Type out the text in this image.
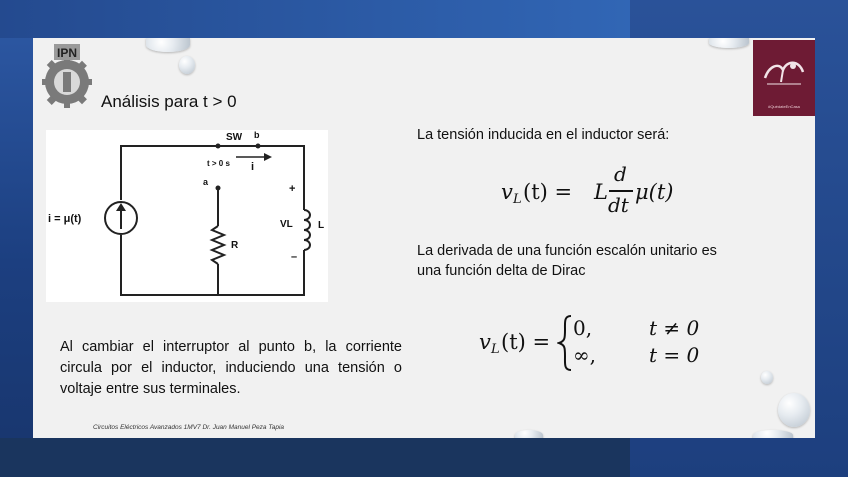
IPN
#QuédateEnCasa
Análisis para t > 0
SW b
t > 0 s i
a
i = μ(t)
R
L
VL
+
–
La tensión inducida en el inductor será:
v L (t) = L
d
dt
μ(t)
La derivada de una función escalón unitario es
una función delta de Dirac
v L (t) =
0,	t ≠ 0
∞,	t = 0
Al cambiar el interruptor al punto b, la corriente circula por el inductor, induciendo una tensión o voltaje entre sus terminales.
Circuitos Eléctricos Avanzados 1MV7 Dr. Juan Manuel Peza Tapia
